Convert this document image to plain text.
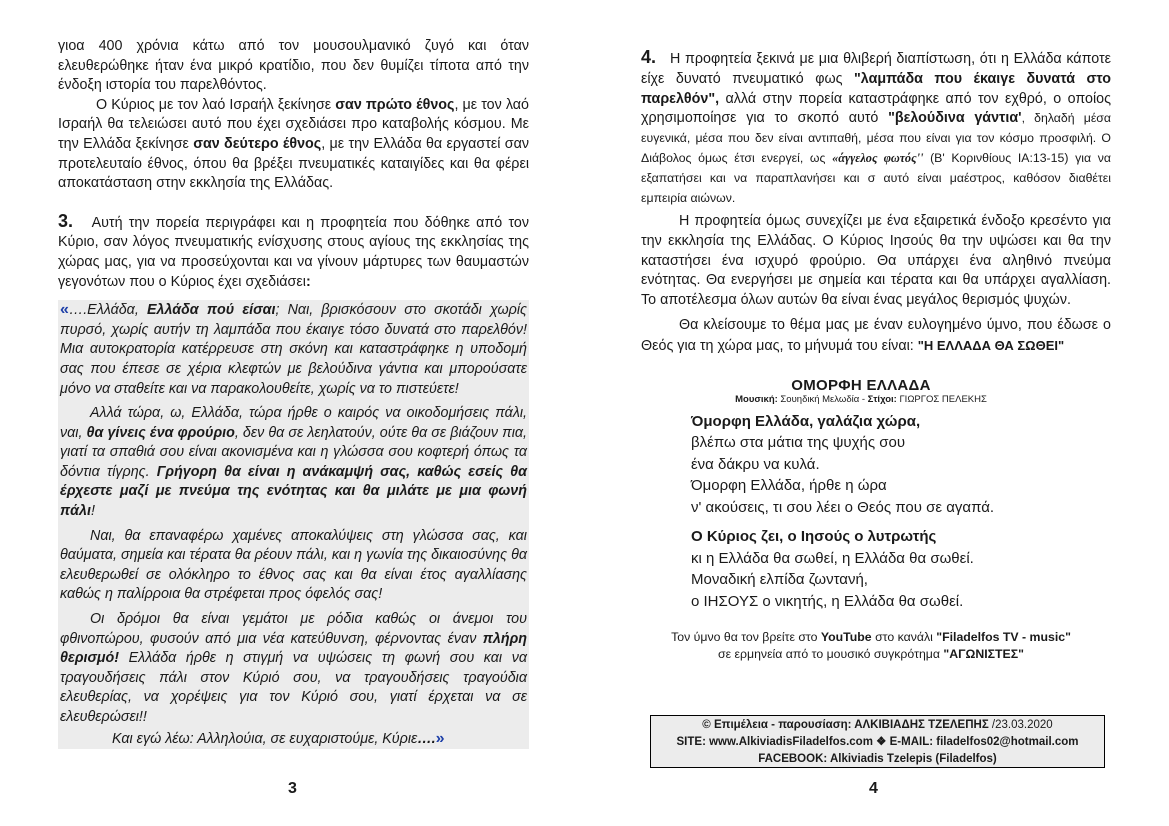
γιοα 400 χρόνια κάτω από τον μουσουλμανικό ζυγό και όταν ελευθερώθηκε ήταν ένα μικρό κρατίδιο, που δεν θυμίζει τίποτα από την ένδοξη ιστορία του παρελθόντος.

Ο Κύριος με τον λαό Ισραήλ ξεκίνησε σαν πρώτο έθνος, με τον λαό Ισραήλ θα τελειώσει αυτό που έχει σχεδιάσει προ καταβολής κόσμου. Με την Ελλάδα ξεκίνησε σαν δεύτερο έθνος, με την Ελλάδα θα εργαστεί σαν προτελευταίο έθνος, όπου θα βρέξει πνευματικές καταιγίδες και θα φέρει αποκατάσταση στην εκκλησία της Ελλάδας.

3. Αυτή την πορεία περιγράφει και η προφητεία που δόθηκε από τον Κύριο, σαν λόγος πνευματικής ενίσχυσης στους αγίους της εκκλησίας της χώρας μας, για να προσεύχονται και να γίνουν μάρτυρες των θαυμαστών γεγονότων που ο Κύριος έχει σχεδιάσει:

«….Ελλάδα, Ελλάδα πού είσαι; Ναι, βρισκόσουν στο σκοτάδι χωρίς πυρσό, χωρίς αυτήν τη λαμπάδα που έκαιγε τόσο δυνατά στο παρελθόν! Μια αυτοκρατορία κατέρρευσε στη σκόνη και καταστράφηκε η υποδομή σας που έπεσε σε χέρια κλεφτών με βελούδινα γάντια και μπορούσατε μόνο να σταθείτε και να παρακολουθείτε, χωρίς να το πιστεύετε!

Αλλά τώρα, ω, Ελλάδα, τώρα ήρθε ο καιρός να οικοδομήσεις πάλι, ναι, θα γίνεις ένα φρούριο, δεν θα σε λεηλατούν, ούτε θα σε βιάζουν πια, γιατί τα σπαθιά σου είναι ακονισμένα και η γλώσσα σου κοφτερή όπως τα δόντια τίγρης. Γρήγορη θα είναι η ανάκαμψή σας, καθώς εσείς θα έρχεστε μαζί με πνεύμα της ενότητας και θα μιλάτε με μια φωνή πάλι!

Ναι, θα επαναφέρω χαμένες αποκαλύψεις στη γλώσσα σας, και θαύματα, σημεία και τέρατα θα ρέουν πάλι, και η γωνία της δικαιοσύνης θα ελευθερωθεί σε ολόκληρο το έθνος σας και θα είναι έτος αγαλλίασης καθώς η παλίρροια θα στρέφεται προς όφελός σας!

Οι δρόμοι θα είναι γεμάτοι με ρόδια καθώς οι άνεμοι του φθινοπώρου, φυσούν από μια νέα κατεύθυνση, φέρνοντας έναν πλήρη θερισμό! Ελλάδα ήρθε η στιγμή να υψώσεις τη φωνή σου και να τραγουδήσεις πάλι στον Κύριό σου, να τραγουδήσεις τραγούδια ελευθερίας, να χορέψεις για τον Κύριό σου, γιατί έρχεται να σε ελευθερώσει!!

Και εγώ λέω: Αλληλούια, σε ευχαριστούμε, Κύριε….»

3

4. Η προφητεία ξεκινά με μια θλιβερή διαπίστωση, ότι η Ελλάδα κάποτε είχε δυνατό πνευματικό φως "λαμπάδα που έκαιγε δυνατά στο παρελθόν", αλλά στην πορεία καταστράφηκε από τον εχθρό, ο οποίος χρησιμοποίησε για το σκοπό αυτό "βελούδινα γάντια', δηλαδή μέσα ευγενικά, μέσα που δεν είναι αντιπαθή, μέσα που είναι για τον κόσμο προσφιλή. Ο Διάβολος όμως έτσι ενεργεί, ως «άγγελος φωτός'' (Β' Κορινθίους ΙΑ:13-15) για να εξαπατήσει και να παραπλανήσει και σ αυτό είναι μαέστρος, καθόσον διαθέτει εμπειρία αιώνων.

Η προφητεία όμως συνεχίζει με ένα εξαιρετικά ένδοξο κρεσέντο για την εκκλησία της Ελλάδας. Ο Κύριος Ιησούς θα την υψώσει και θα την καταστήσει ένα ισχυρό φρούριο. Θα υπάρχει ένα αληθινό πνεύμα ενότητας. Θα ενεργήσει με σημεία και τέρατα και θα υπάρχει αγαλλίαση. Το αποτέλεσμα όλων αυτών θα είναι ένας μεγάλος θερισμός ψυχών.

Θα κλείσουμε το θέμα μας με έναν ευλογημένο ύμνο, που έδωσε ο Θεός για τη χώρα μας, το μήνυμά του είναι: "Η ΕΛΛΑΔΑ ΘΑ ΣΩΘΕΙ"

ΟΜΟΡΦΗ ΕΛΛΑΔΑ
Μουσική: Σουηδική Μελωδία - Στίχοι: ΓΙΩΡΓΟΣ ΠΕΛΕΚΗΣ
Όμορφη Ελλάδα, γαλάζια χώρα,
βλέπω στα μάτια της ψυχής σου
ένα δάκρυ να κυλά.
Όμορφη Ελλάδα, ήρθε η ώρα
ν' ακούσεις, τι σου λέει ο Θεός που σε αγαπά.
Ο Κύριος ζει, ο Ιησούς ο λυτρωτής
κι η Ελλάδα θα σωθεί, η Ελλάδα θα σωθεί.
Μοναδική ελπίδα ζωντανή,
ο ΙΗΣΟΥΣ ο νικητής, η Ελλάδα θα σωθεί.
Τον ύμνο θα τον βρείτε στο YouTube στο κανάλι "Filadelfos TV - music"
σε ερμηνεία από το μουσικό συγκρότημα "ΑΓΩΝΙΣΤΕΣ"
© Επιμέλεια - παρουσίαση: ΑΛΚΙΒΙΑΔΗΣ ΤΖΕΛΕΠΗΣ /23.03.2020
SITE: www.AlkiviadisFiladelfos.com ❖ E-MAIL: filadelfos02@hotmail.com
FACEBOOK: Alkiviadis Tzelepis (Filadelfos)
4
